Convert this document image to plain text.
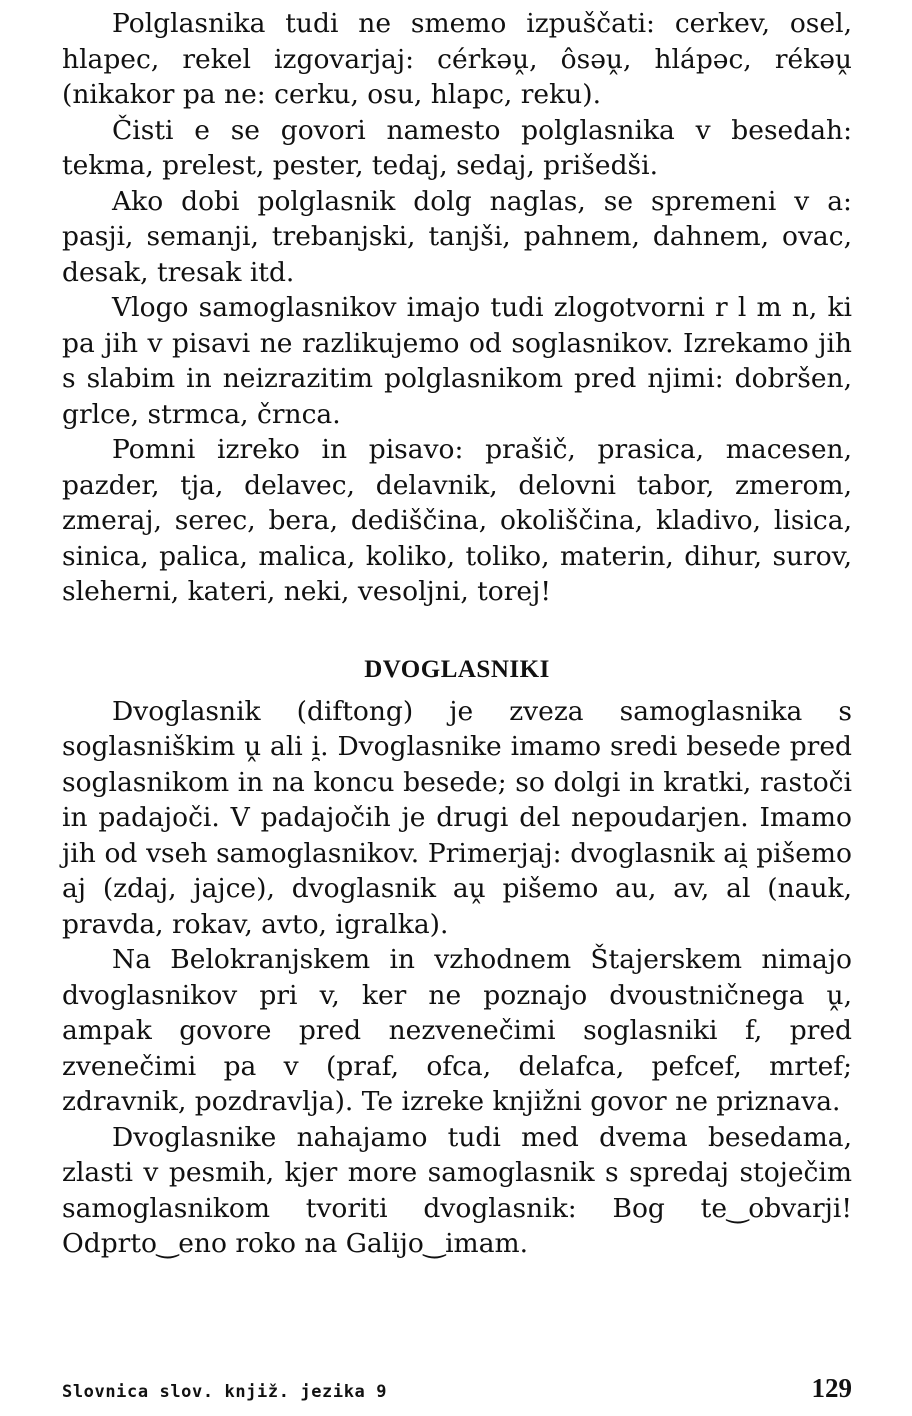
Polglasnika tudi ne smemo izpuščati: cerkev, osel, hlapec, rekel izgovarjaj: cérkəṷ, ôsəṷ, hlápəc, rékəṷ (nikakor pa ne: cerku, osu, hlapc, reku).

Čisti e se govori namesto polglasnika v besedah: tekma, prelest, pester, tedaj, sedaj, prišedši.

Ako dobi polglasnik dolg naglas, se spremeni v a: pasji, semanji, trebanjski, tanjši, pahnem, dahnem, ovac, desak, tresak itd.

Vlogo samoglasnikov imajo tudi zlogotvorni r l m n, ki pa jih v pisavi ne razlikujemo od soglasnikov. Izrekamo jih s slabim in neizrazitim polglasnikom pred njimi: dobršen, grlce, strmca, črnca.

Pomni izreko in pisavo: prašič, prasica, macesen, pazder, tja, delavec, delavnik, delovni tabor, zmerom, zmeraj, serec, bera, dediščina, okoliščina, kladivo, lisica, sinica, palica, malica, koliko, toliko, materin, dihur, surov, sleherni, kateri, neki, vesoljni, torej!

DVOGLASNIKI

Dvoglasnik (diftong) je zveza samoglasnika s soglasniškim ṷ ali i̯. Dvoglasnike imamo sredi besede pred soglasnikom in na koncu besede; so dolgi in kratki, rastoči in padajoči. V padajočih je drugi del nepoudarjen. Imamo jih od vseh samoglasnikov. Primerjaj: dvoglasnik ai̯ pišemo aj (zdaj, jajce), dvoglasnik aṷ pišemo au, av, al (nauk, pravda, rokav, avto, igralka).

Na Belokranjskem in vzhodnem Štajerskem nimajo dvoglasnikov pri v, ker ne poznajo dvoustničnega ṷ, ampak govore pred nezvenečimi soglasniki f, pred zvenečimi pa v (praf, ofca, delafca, pefcef, mrtef; zdravnik, pozdravlja). Te izreke knjižni govor ne priznava.

Dvoglasnike nahajamo tudi med dvema besedama, zlasti v pesmih, kjer more samoglasnik s spredaj stoječim samoglasnikom tvoriti dvoglasnik: Bog te‿obvarji! Odprto‿eno roko na Galijo‿imam.

Slovnica slov. knjiž. jezika 9	129
